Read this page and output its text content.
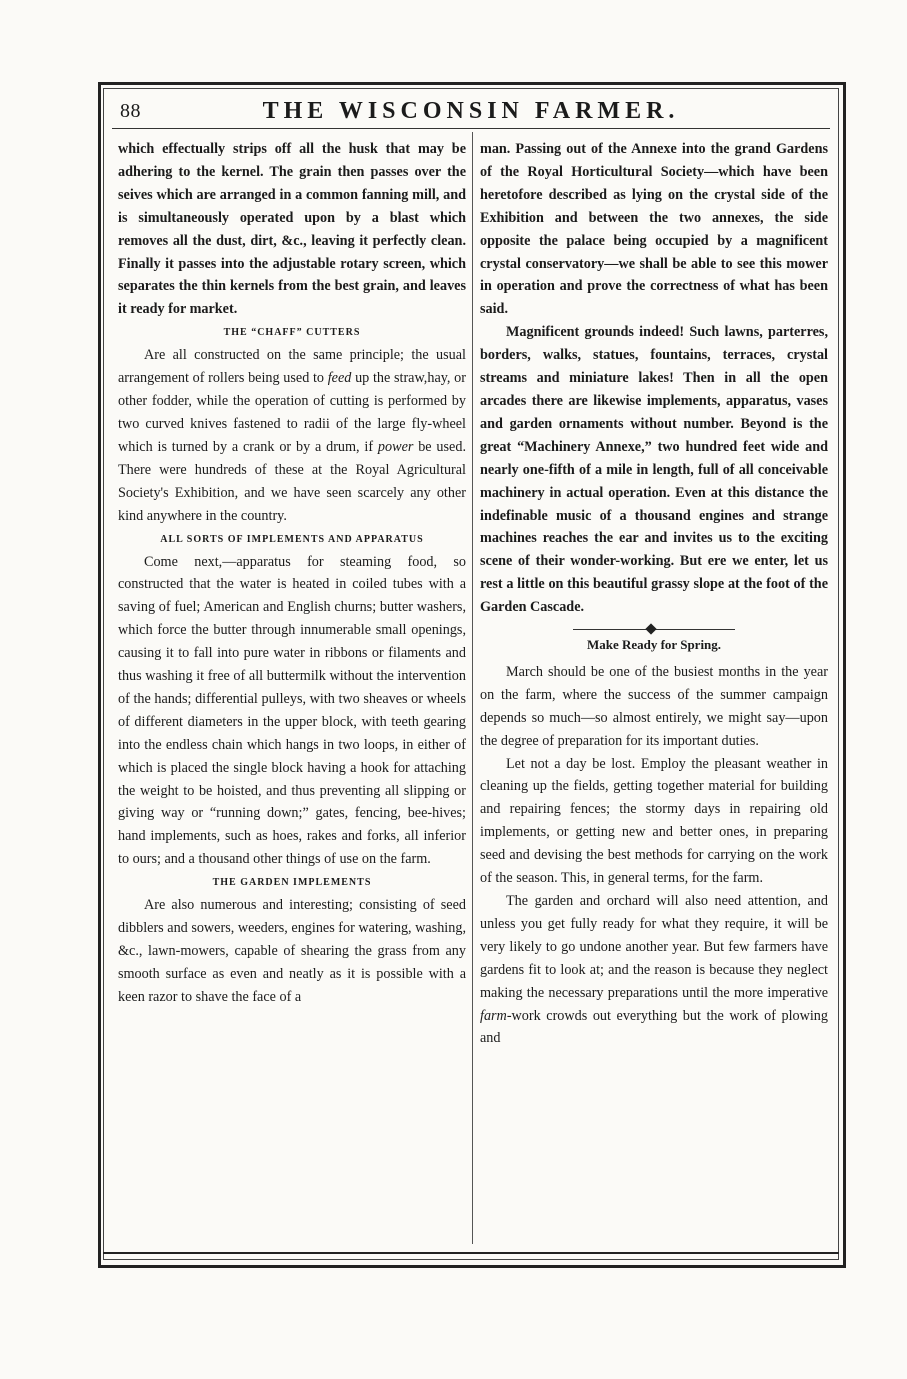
88	THE WISCONSIN FARMER.

which effectually strips off all the husk that may be adhering to the kernel. The grain then passes over the seives which are arranged in a common fanning mill, and is simultaneously operated upon by a blast which removes all the dust, dirt, &c., leaving it perfectly clean. Finally it passes into the adjustable rotary screen, which separates the thin kernels from the best grain, and leaves it ready for market.

THE “CHAFF” CUTTERS

Are all constructed on the same principle; the usual arrangement of rollers being used to feed up the straw,hay, or other fodder, while the operation of cutting is performed by two curved knives fastened to radii of the large fly-wheel which is turned by a crank or by a drum, if power be used. There were hundreds of these at the Royal Agricultural Society's Exhibition, and we have seen scarcely any other kind anywhere in the country.

ALL SORTS OF IMPLEMENTS AND APPARATUS

Come next,—apparatus for steaming food, so constructed that the water is heated in coiled tubes with a saving of fuel; American and English churns; butter washers, which force the butter through innumerable small openings, causing it to fall into pure water in ribbons or filaments and thus washing it free of all buttermilk without the intervention of the hands; differential pulleys, with two sheaves or wheels of different diameters in the upper block, with teeth gearing into the endless chain which hangs in two loops, in either of which is placed the single block having a hook for attaching the weight to be hoisted, and thus preventing all slipping or giving way or “running down;” gates, fencing, bee-hives; hand implements, such as hoes, rakes and forks, all inferior to ours; and a thousand other things of use on the farm.

THE GARDEN IMPLEMENTS

Are also numerous and interesting; consisting of seed dibblers and sowers, weeders, engines for watering, washing, &c., lawn-mowers, capable of shearing the grass from any smooth surface as even and neatly as it is possible with a keen razor to shave the face of a

man. Passing out of the Annexe into the grand Gardens of the Royal Horticultural Society—which have been heretofore described as lying on the crystal side of the Exhibition and between the two annexes, the side opposite the palace being occupied by a magnificent crystal conservatory—we shall be able to see this mower in operation and prove the correctness of what has been said.

Magnificent grounds indeed! Such lawns, parterres, borders, walks, statues, fountains, terraces, crystal streams and miniature lakes! Then in all the open arcades there are likewise implements, apparatus, vases and garden ornaments without number. Beyond is the great “Machinery Annexe,” two hundred feet wide and nearly one-fifth of a mile in length, full of all conceivable machinery in actual operation. Even at this distance the indefinable music of a thousand engines and strange machines reaches the ear and invites us to the exciting scene of their wonder-working. But ere we enter, let us rest a little on this beautiful grassy slope at the foot of the Garden Cascade.

Make Ready for Spring.

March should be one of the busiest months in the year on the farm, where the success of the summer campaign depends so much—so almost entirely, we might say—upon the degree of preparation for its important duties.

Let not a day be lost. Employ the pleasant weather in cleaning up the fields, getting together material for building and repairing fences; the stormy days in repairing old implements, or getting new and better ones, in preparing seed and devising the best methods for carrying on the work of the season. This, in general terms, for the farm.

The garden and orchard will also need attention, and unless you get fully ready for what they require, it will be very likely to go undone another year. But few farmers have gardens fit to look at; and the reason is because they neglect making the necessary preparations until the more imperative farm-work crowds out everything but the work of plowing and
